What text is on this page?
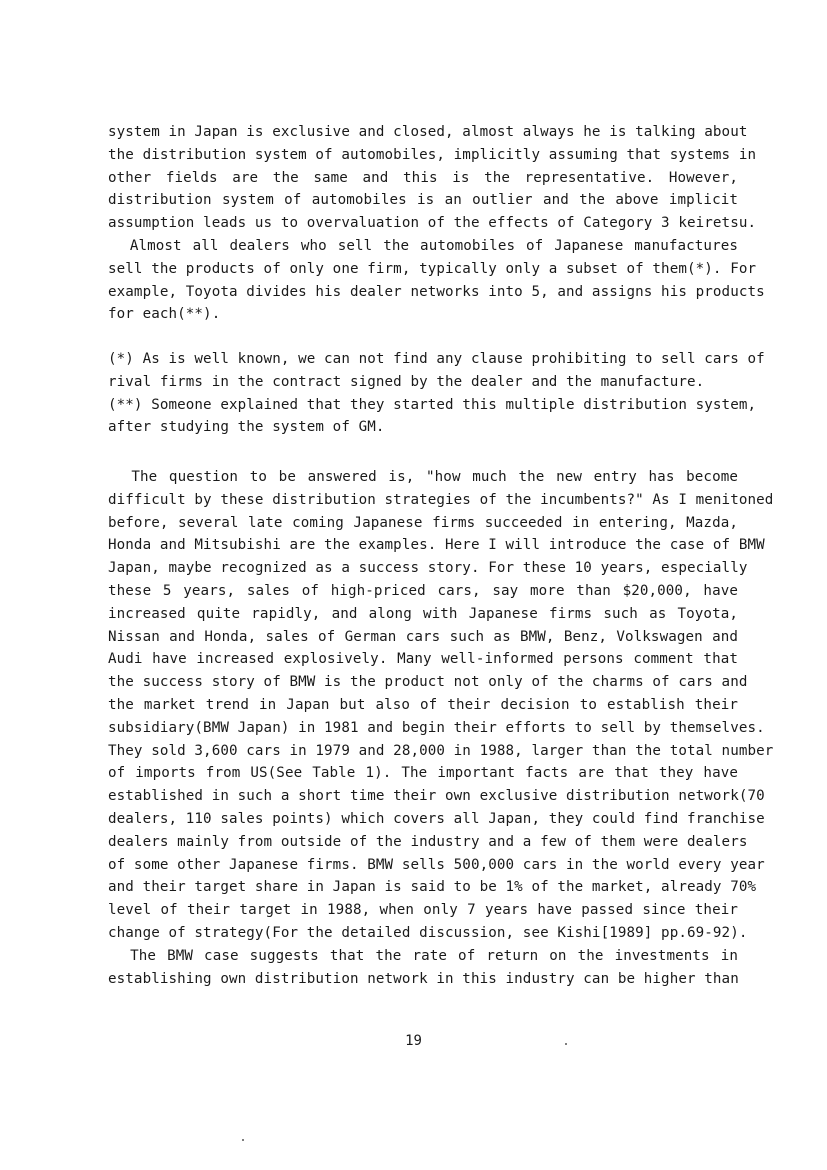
system in Japan is exclusive and closed, almost always he is talking about
the distribution system of automobiles, implicitly assuming that systems in
other fields are the same and this is the representative. However,
distribution system of automobiles is an outlier and the above implicit
assumption leads us to overvaluation of the effects of Category 3 keiretsu.
Almost all dealers who sell the automobiles of Japanese manufactures
sell the products of only one firm, typically only a subset of them(*). For
example, Toyota divides his dealer networks into 5, and assigns his products
for each(**).
(*) As is well known, we can not find any clause prohibiting to sell cars of
rival firms in the contract signed by the dealer and the manufacture.
(**) Someone explained that they started this multiple distribution system,
after studying the system of GM.
The question to be answered is, "how much the new entry has become
difficult by these distribution strategies of the incumbents?" As I menitoned
before, several late coming Japanese firms succeeded in entering, Mazda,
Honda and Mitsubishi are the examples. Here I will introduce the case of BMW
Japan, maybe recognized as a success story. For these 10 years, especially
these 5 years, sales of high-priced cars, say more than $20,000, have
increased quite rapidly, and along with Japanese firms such as Toyota,
Nissan and Honda, sales of German cars such as BMW, Benz, Volkswagen and
Audi have increased explosively. Many well-informed persons comment that
the success story of BMW is the product not only of the charms of cars and
the market trend in Japan but also of their decision to establish their
subsidiary(BMW Japan) in 1981 and begin their efforts to sell by themselves.
They sold 3,600 cars in 1979 and 28,000 in 1988, larger than the total number
of imports from US(See Table 1). The important facts are that they have
established in such a short time their own exclusive distribution network(70
dealers, 110 sales points) which covers all Japan, they could find franchise
dealers mainly from outside of the industry and a few of them were dealers
of some other Japanese firms. BMW sells 500,000 cars in the world every year
and their target share in Japan is said to be 1% of the market, already 70%
level of their target in 1988, when only 7 years have passed since their
change of strategy(For the detailed discussion, see Kishi[1989] pp.69-92).
The BMW case suggests that the rate of return on the investments in
establishing own distribution network in this industry can be higher than
19
